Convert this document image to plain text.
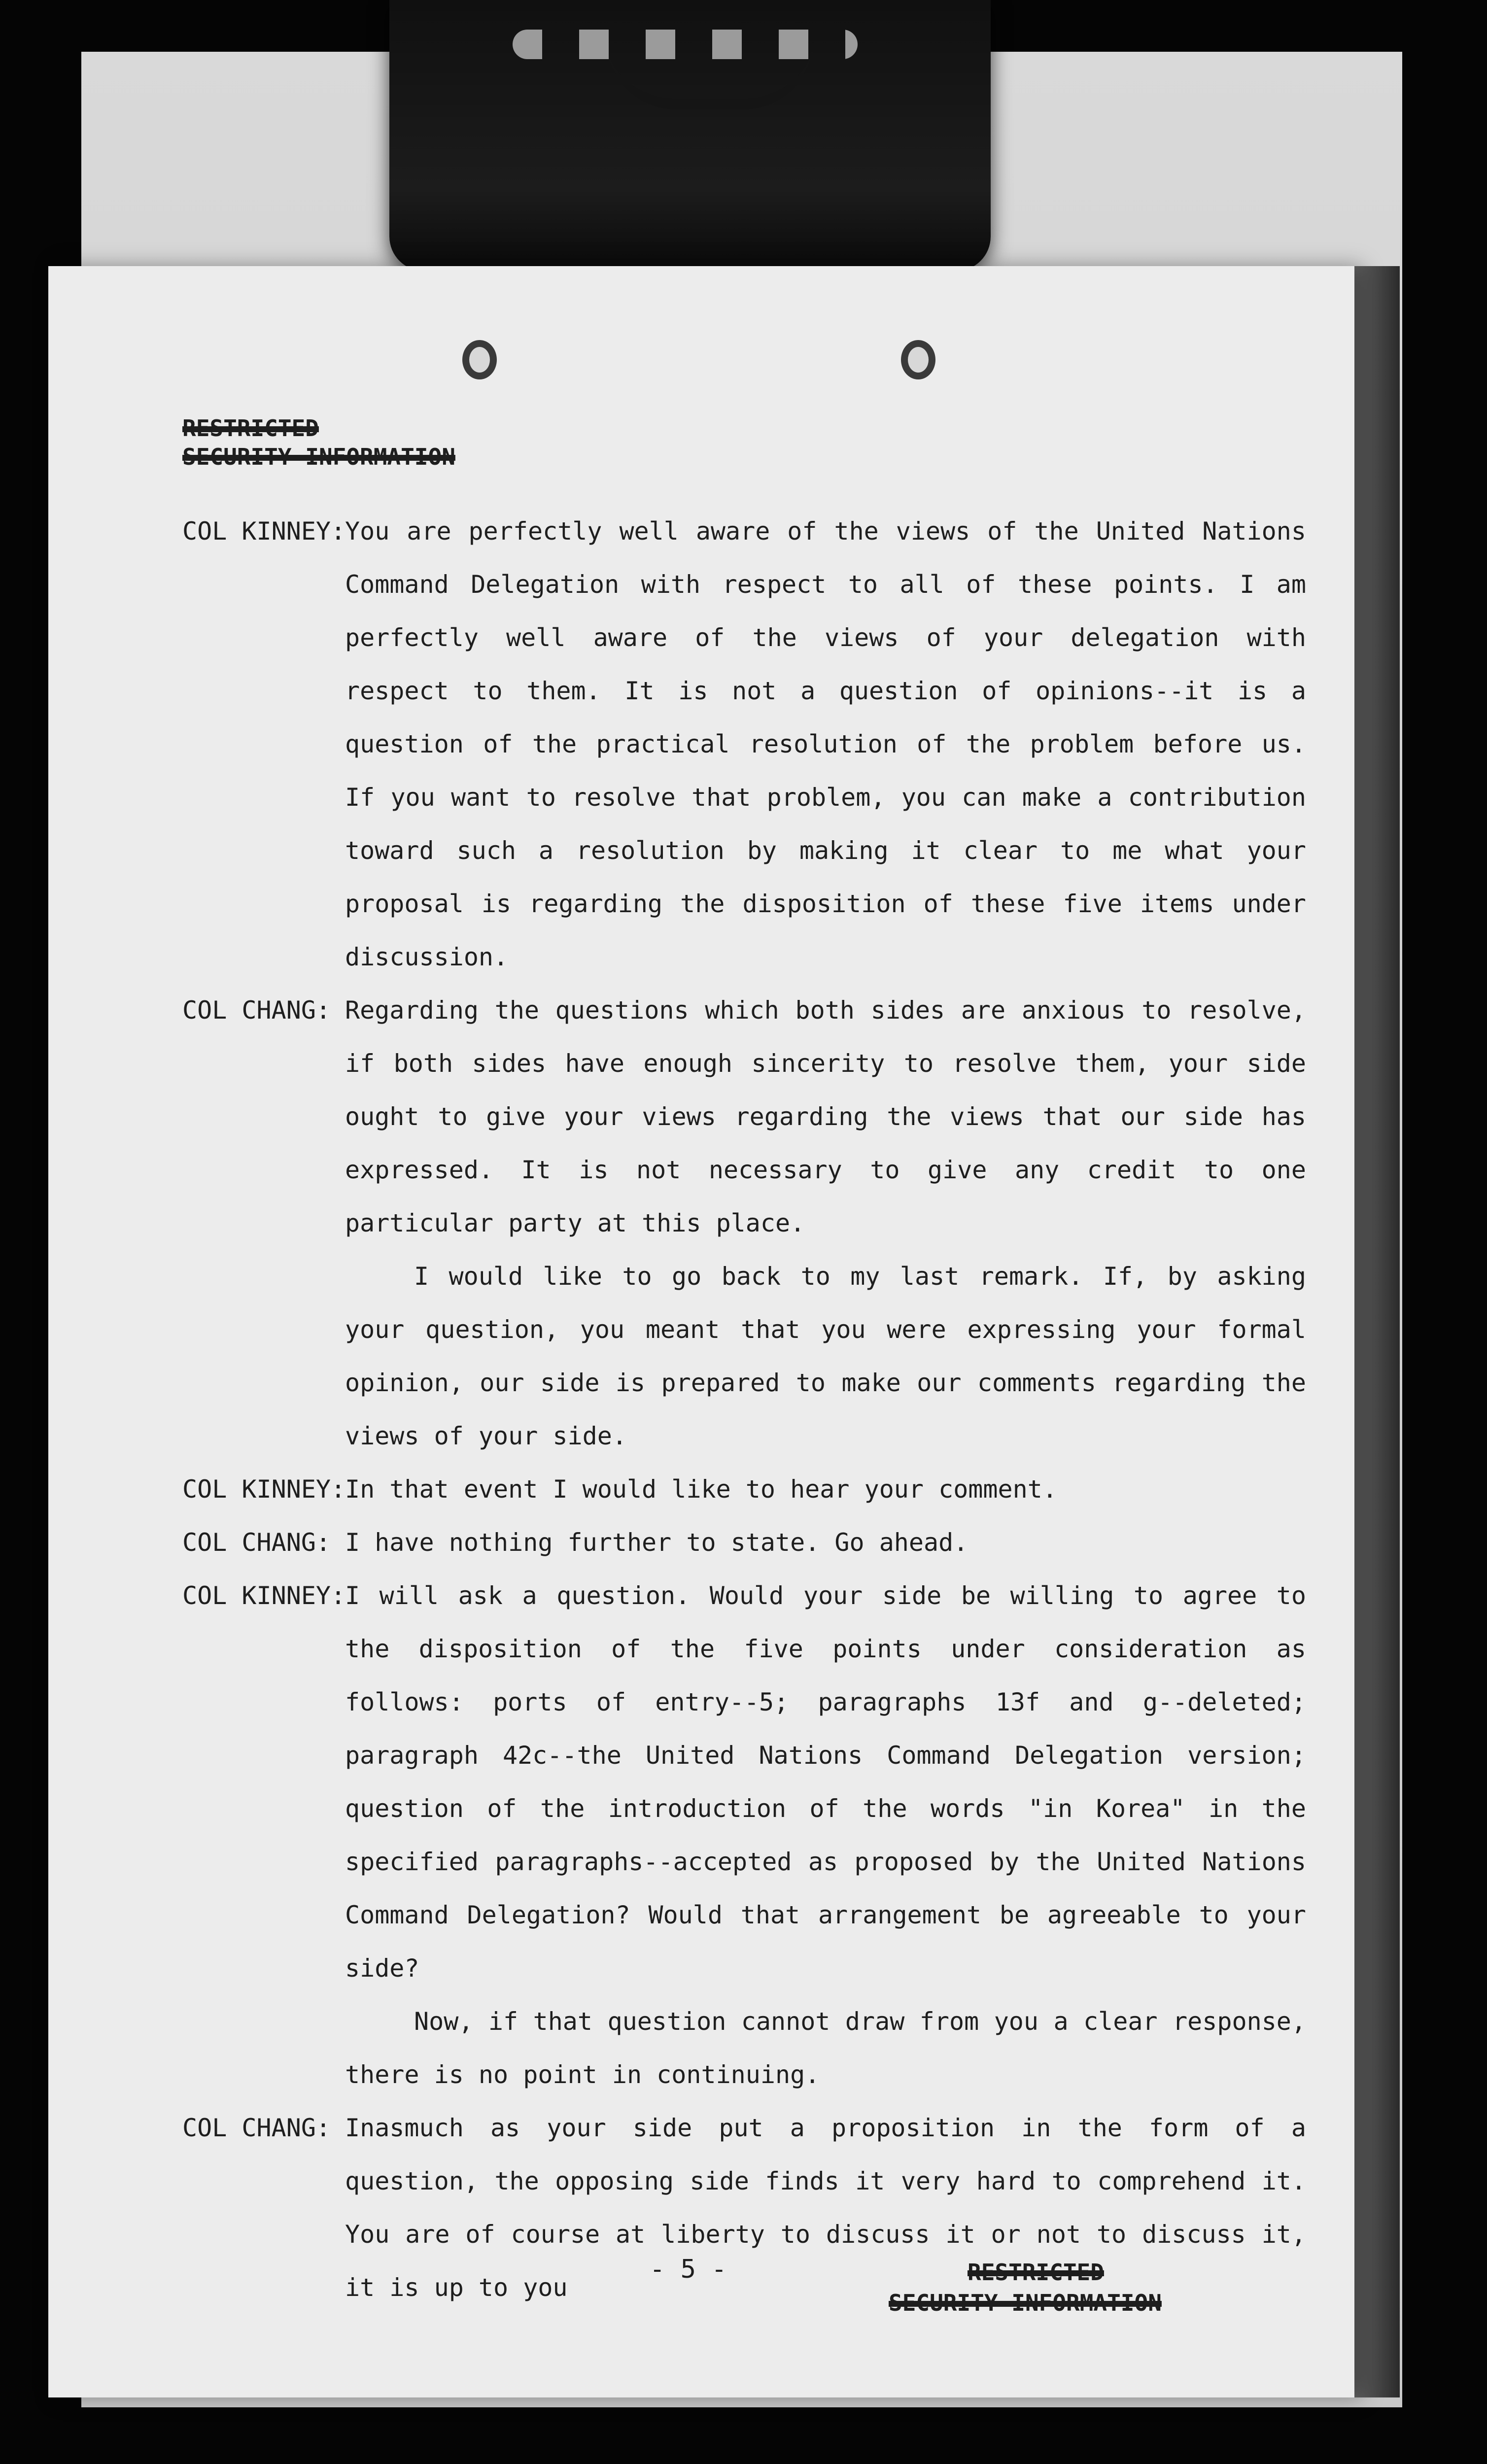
RESTRICTED
SECURITY INFORMATION
COL KINNEY:

You are perfectly well aware of the views of the United Nations Command Delegation with respect to all of these points. I am perfectly well aware of the views of your delegation with respect to them. It is not a question of opinions--it is a question of the practical resolution of the problem before us. If you want to resolve that problem, you can make a contribution toward such a resolution by making it clear to me what your proposal is regarding the disposition of these five items under discussion.

COL CHANG: Regarding the questions which both sides are anxious to resolve, if both sides have enough sincerity to resolve them, your side ought to give your views regarding the views that our side has expressed. It is not necessary to give any credit to one particular party at this place.

I would like to go back to my last remark. If, by asking your question, you meant that you were expressing your formal opinion, our side is prepared to make our comments regarding the views of your side.

COL KINNEY:

In that event I would like to hear your comment.

COL CHANG: I have nothing further to state. Go ahead.

COL KINNEY:

I will ask a question. Would your side be willing to agree to the disposition of the five points under consideration as follows: ports of entry--5; paragraphs 13f and g--deleted; paragraph 42c--the United Nations Command Delegation version; question of the introduction of the words "in Korea" in the specified paragraphs--accepted as proposed by the United Nations Command Delegation? Would that arrangement be agreeable to your side?

Now, if that question cannot draw from you a clear response, there is no point in continuing.

COL CHANG: Inasmuch as your side put a proposition in the form of a question, the opposing side finds it very hard to comprehend it. You are of course at liberty to discuss it or not to discuss it, it is up to you

- 5 -	RESTRICTED
SECURITY INFORMATION
